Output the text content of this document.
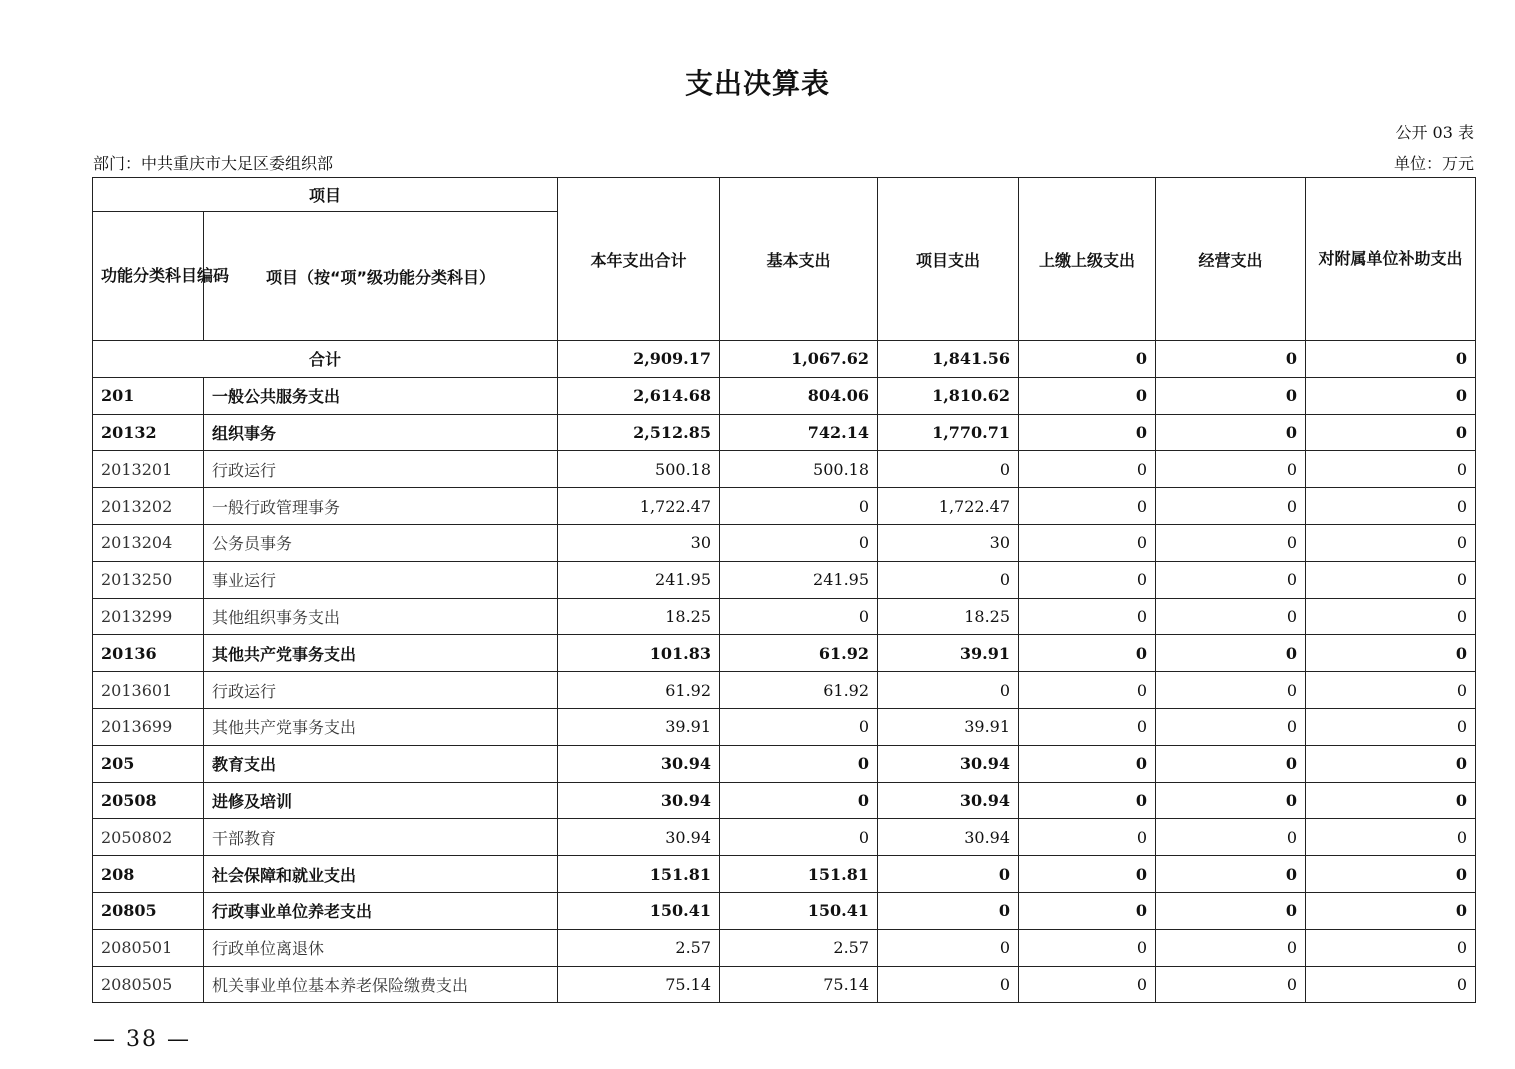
支出决算表
公开 03 表
部门：中共重庆市大足区委组织部	单位：万元
项目		本年支出合计	基本支出	项目支出	上缴上级支出	经营支出	对附属单位补助支出
功能分类科目编码	项目（按“项”级功能分类科目）						
合计		2,909.17	1,067.62	1,841.56	0	0	0
201	一般公共服务支出	2,614.68	804.06	1,810.62	0	0	0
20132	组织事务	2,512.85	742.14	1,770.71	0	0	0
2013201	行政运行	500.18	500.18	0	0	0	0
2013202	一般行政管理事务	1,722.47	0	1,722.47	0	0	0
2013204	公务员事务	30	0	30	0	0	0
2013250	事业运行	241.95	241.95	0	0	0	0
2013299	其他组织事务支出	18.25	0	18.25	0	0	0
20136	其他共产党事务支出	101.83	61.92	39.91	0	0	0
2013601	行政运行	61.92	61.92	0	0	0	0
2013699	其他共产党事务支出	39.91	0	39.91	0	0	0
205	教育支出	30.94	0	30.94	0	0	0
20508	进修及培训	30.94	0	30.94	0	0	0
2050802	干部教育	30.94	0	30.94	0	0	0
208	社会保障和就业支出	151.81	151.81	0	0	0	0
20805	行政事业单位养老支出	150.41	150.41	0	0	0	0
2080501	行政单位离退休	2.57	2.57	0	0	0	0
2080505	机关事业单位基本养老保险缴费支出	75.14	75.14	0	0	0	0
— 38 —
